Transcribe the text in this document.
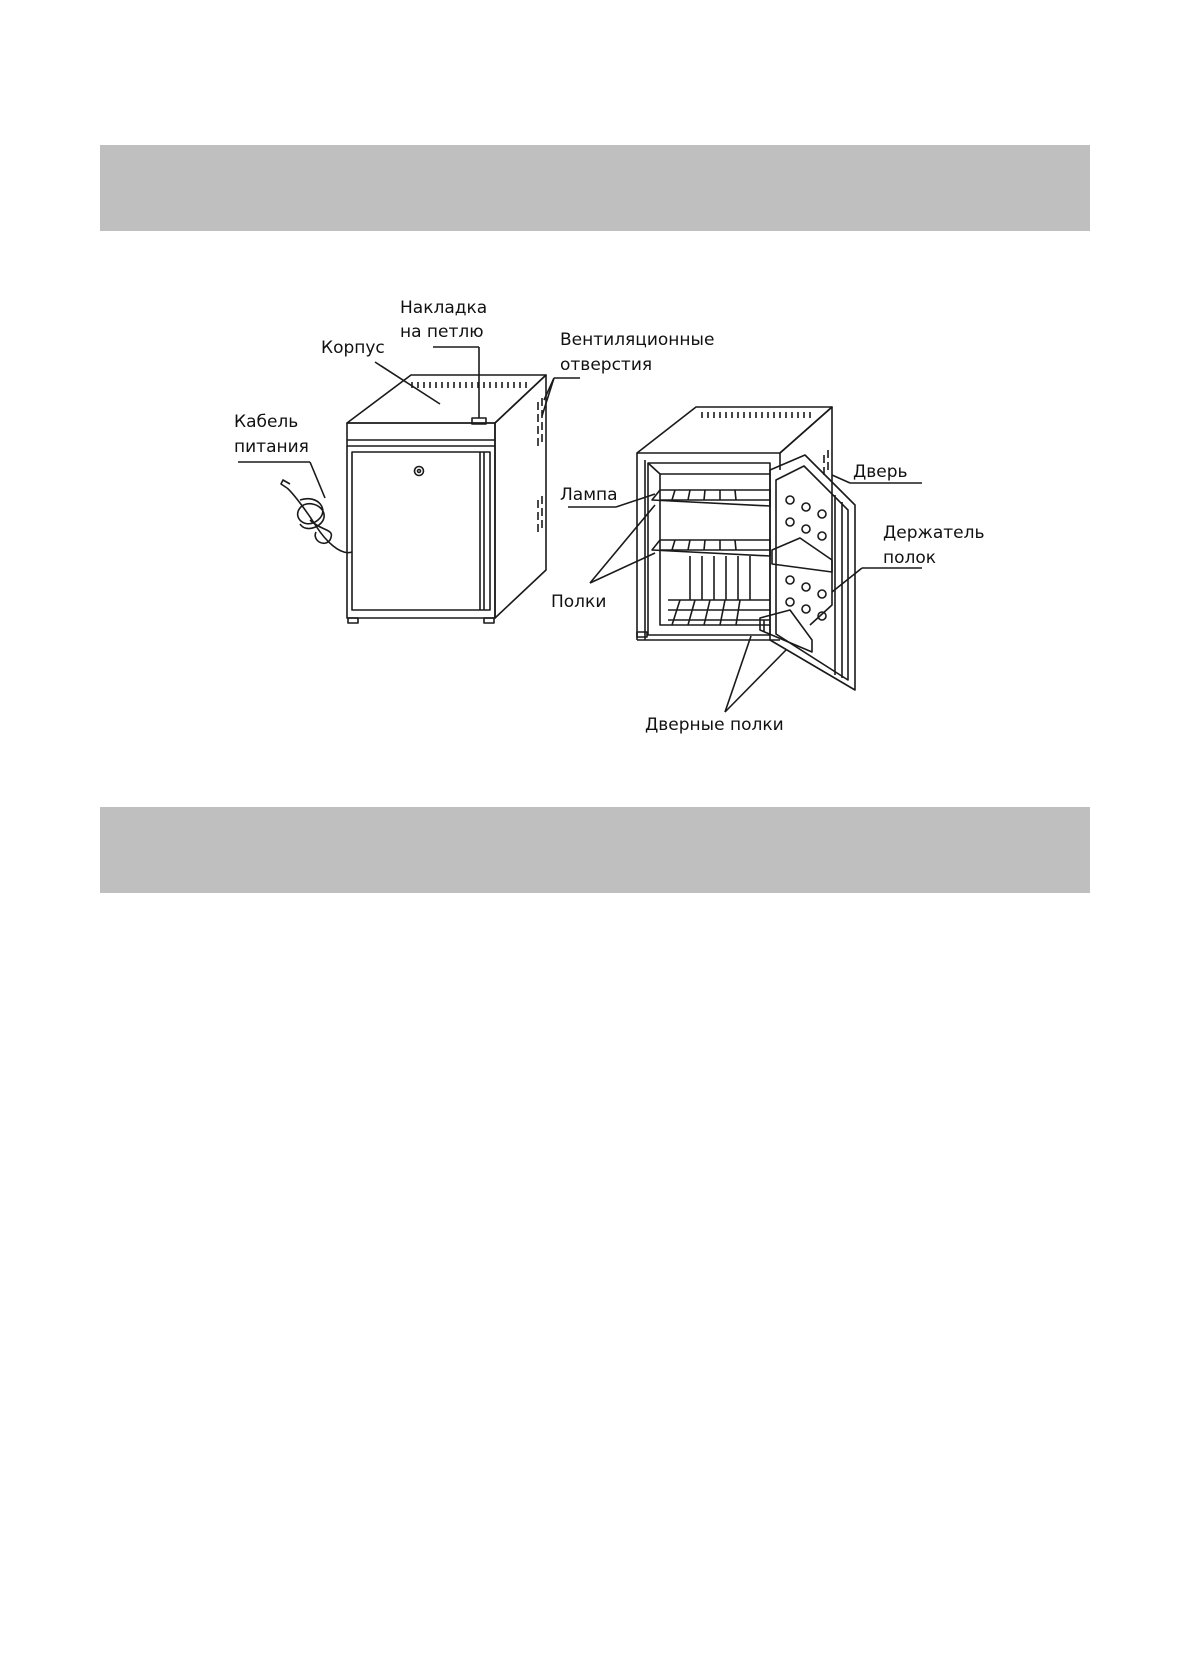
Корпус
Накладка
на петлю	Вентиляционные
отверстия
Кабель
питания
Лампа
Полки
Дверь
Держатель
полок
Дверные полки
